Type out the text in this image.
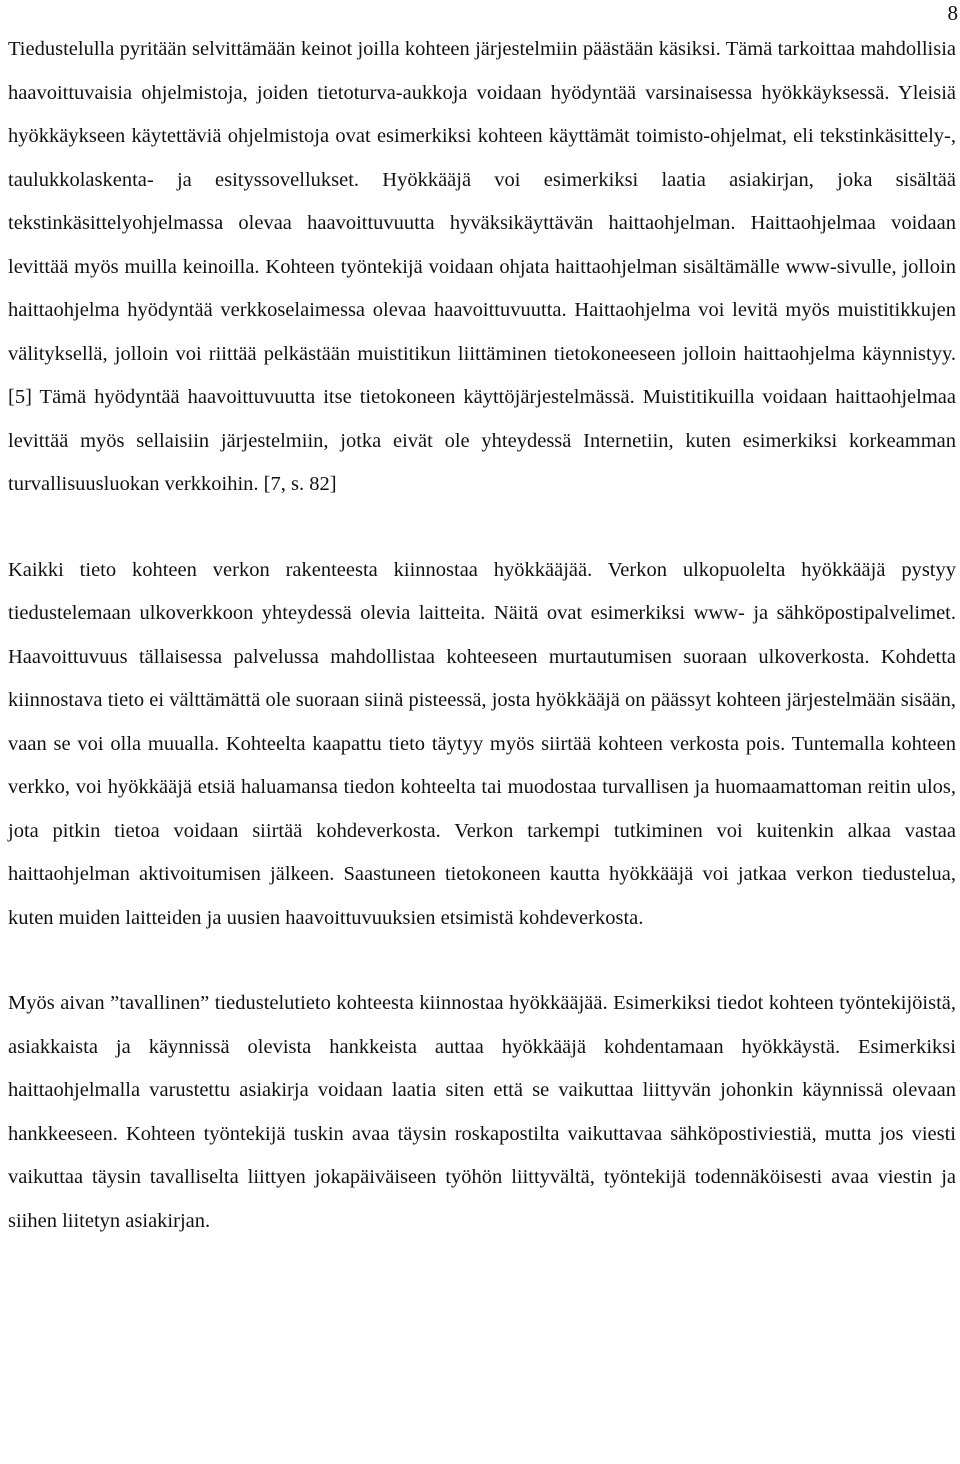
8

Tiedustelulla pyritään selvittämään keinot joilla kohteen järjestelmiin päästään käsiksi. Tämä tarkoittaa mahdollisia haavoittuvaisia ohjelmistoja, joiden tietoturva-aukkoja voidaan hyödyntää varsinaisessa hyökkäyksessä. Yleisiä hyökkäykseen käytettäviä ohjelmistoja ovat esimerkiksi kohteen käyttämät toimisto-ohjelmat, eli tekstinkäsittely-, taulukkolaskenta- ja esityssovellukset. Hyökkääjä voi esimerkiksi laatia asiakirjan, joka sisältää tekstinkäsittelyohjelmassa olevaa haavoittuvuutta hyväksikäyttävän haittaohjelman. Haittaohjelmaa voidaan levittää myös muilla keinoilla. Kohteen työntekijä voidaan ohjata haittaohjelman sisältämälle www-sivulle, jolloin haittaohjelma hyödyntää verkkoselaimessa olevaa haavoittuvuutta. Haittaohjelma voi levitä myös muistitikkujen välityksellä, jolloin voi riittää pelkästään muistitikun liittäminen tietokoneeseen jolloin haittaohjelma käynnistyy. [5] Tämä hyödyntää haavoittuvuutta itse tietokoneen käyttöjärjestelmässä. Muistitikuilla voidaan haittaohjelmaa levittää myös sellaisiin järjestelmiin, jotka eivät ole yhteydessä Internetiin, kuten esimerkiksi korkeamman turvallisuusluokan verkkoihin. [7, s. 82]

Kaikki tieto kohteen verkon rakenteesta kiinnostaa hyökkääjää. Verkon ulkopuolelta hyökkääjä pystyy tiedustelemaan ulkoverkkoon yhteydessä olevia laitteita. Näitä ovat esimerkiksi www- ja sähköpostipalvelimet. Haavoittuvuus tällaisessa palvelussa mahdollistaa kohteeseen murtautumisen suoraan ulkoverkosta. Kohdetta kiinnostava tieto ei välttämättä ole suoraan siinä pisteessä, josta hyökkääjä on päässyt kohteen järjestelmään sisään, vaan se voi olla muualla. Kohteelta kaapattu tieto täytyy myös siirtää kohteen verkosta pois. Tuntemalla kohteen verkko, voi hyökkääjä etsiä haluamansa tiedon kohteelta tai muodostaa turvallisen ja huomaamattoman reitin ulos, jota pitkin tietoa voidaan siirtää kohdeverkosta. Verkon tarkempi tutkiminen voi kuitenkin alkaa vastaa haittaohjelman aktivoitumisen jälkeen. Saastuneen tietokoneen kautta hyökkääjä voi jatkaa verkon tiedustelua, kuten muiden laitteiden ja uusien haavoittuvuuksien etsimistä kohdeverkosta.

Myös aivan ”tavallinen” tiedustelutieto kohteesta kiinnostaa hyökkääjää. Esimerkiksi tiedot kohteen työntekijöistä, asiakkaista ja käynnissä olevista hankkeista auttaa hyökkääjä kohdentamaan hyökkäystä. Esimerkiksi haittaohjelmalla varustettu asiakirja voidaan laatia siten että se vaikuttaa liittyvän johonkin käynnissä olevaan hankkeeseen. Kohteen työntekijä tuskin avaa täysin roskapostilta vaikuttavaa sähköpostiviestiä, mutta jos viesti vaikuttaa täysin tavalliselta liittyen jokapäiväiseen työhön liittyvältä, työntekijä todennäköisesti avaa viestin ja siihen liitetyn asiakirjan.
